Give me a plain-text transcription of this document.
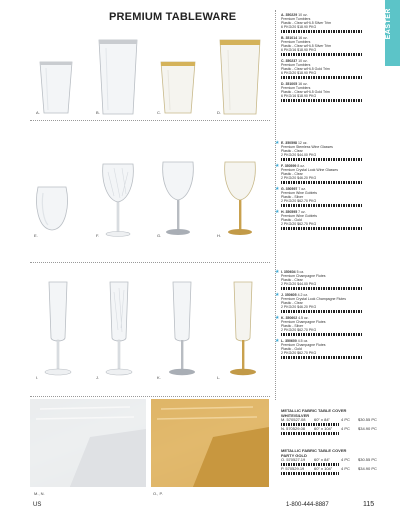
PREMIUM TABLEWARE	EASTER
A.	B.	C.	D.
E.	F.	G.	H.
I.	J.	K.	L.
M., N.	O., P.
A. 350229 10 oz.
Premium Tumblers
Plastic - Clear w/Hi-5 Silver Trim
6 PKG/20 $18.90 PKG
B. 351014 16 oz.
Premium Tumblers
Plastic - Clear w/Hi-5 Silver Trim
6 PKG/16 $18.90 PKG
C. 350237 10 oz.
Premium Tumblers
Plastic - Clear w/Hi-5 Gold Trim
6 PKG/20 $18.90 PKG
D. 351005 16 oz.
Premium Tumblers
Plastic - Clear w/Hi-5 Gold Trim
6 PKG/16 $18.90 PKG
★ E. 350598 12 oz.
Premium Stemless Wine Glasses
Plastic - Clear
2 PKG/20 $44.00 PKG
★ F. 350599 8 oz.
Premium Crystal Look Wine Glasses
Plastic - Clear
2 PKG/20 $46.20 PKG
★ G. 350597 7 oz.
Premium Wine Goblets
Plastic - Silver
2 PKG/20 $62.70 PKG
★ H. 350595 7 oz.
Premium Wine Goblets
Plastic - Gold
2 PKG/20 $62.70 PKG
★ I. 350604 5 oz.
Premium Champagne Flutes
Plastic - Clear
2 PKG/20 $44.00 PKG
★ J. 350605 4.2 oz.
Premium Crystal Look Champagne Flutes
Plastic - Clear
2 PKG/20 $46.20 PKG
★ K. 350602 4.5 oz.
Premium Champagne Flutes
Plastic - Silver
2 PKG/20 $62.70 PKG
★ L. 350600 4.5 oz.
Premium Champagne Flutes
Plastic - Gold
2 PKG/20 $62.70 PKG
METALLIC FABRIC TABLE COVER
WHITE/SILVER
M. 570527.08	60" x 84"	4 PC	$30.55 PC
N. 570529.08	60" x 104"	4 PC	$34.90 PC
METALLIC FABRIC TABLE COVER
PARTY GOLD
O. 570527.19	60" x 84"	4 PC	$30.55 PC
P. 570529.19	60" x 104"	4 PC	$34.90 PC
US	1-800-444-8887	115
